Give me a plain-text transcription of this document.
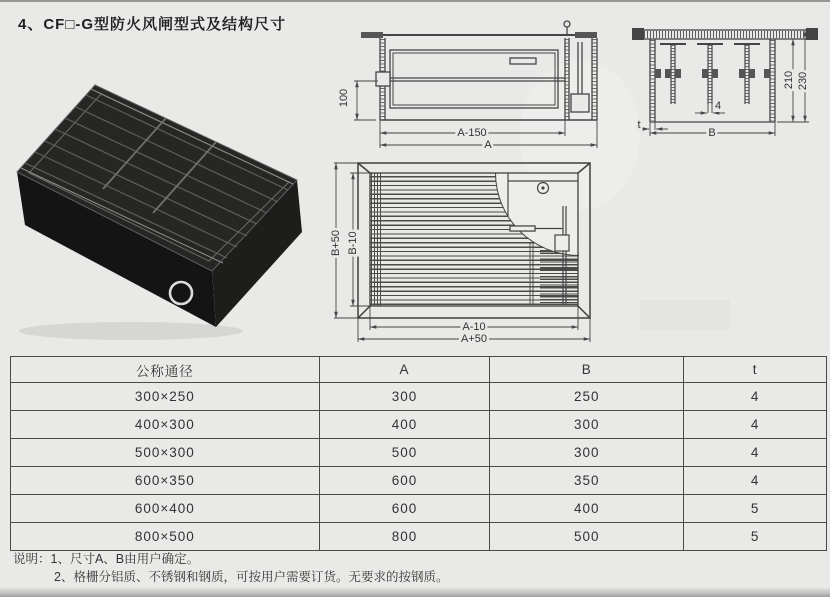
4、CF□-G型防火风闸型式及结构尺寸
100
A-150
A
4
t
B
210 230
B+50 B-10
A-10
A+50
公称通径	A	B	t
300×250	300	250	4
400×300	400	300	4
500×300	500	300	4
600×350	600	350	4
600×400	600	400	5
800×500	800	500	5
说明：1、尺寸A、B由用户确定。
2、格栅分铝质、不锈钢和钢质，可按用户需要订货。无要求的按钢质。
